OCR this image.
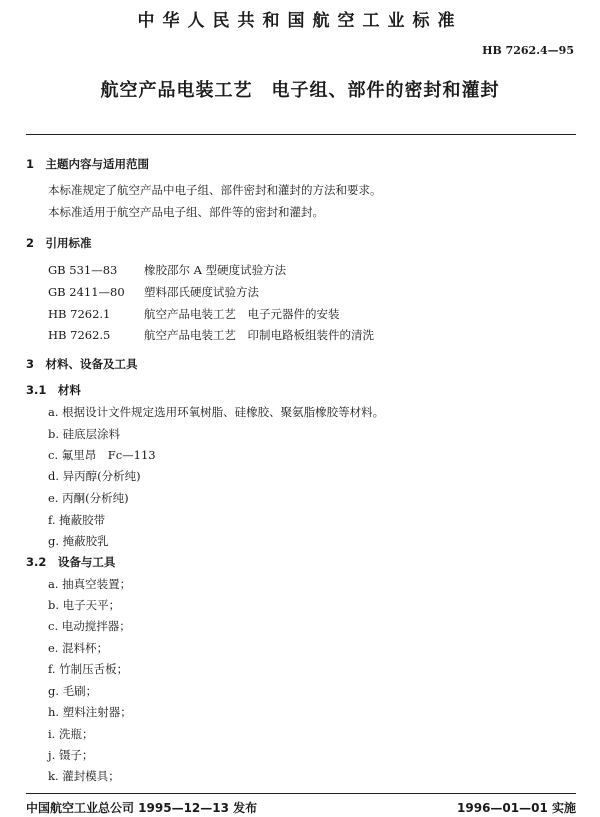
中华人民共和国航空工业标准
HB 7262.4—95
航空产品电装工艺　电子组、部件的密封和灌封
1　主题内容与适用范围
本标准规定了航空产品中电子组、部件密封和灌封的方法和要求。
本标准适用于航空产品电子组、部件等的密封和灌封。
2　引用标准
GB 531—83 橡胶邵尔 A 型硬度试验方法
GB 2411—80 塑料邵氏硬度试验方法
HB 7262.1	航空产品电装工艺　电子元器件的安装
HB 7262.5	航空产品电装工艺　印制电路板组装件的清洗
3　材料、设备及工具
3.1　材料
a. 根据设计文件规定选用环氧树脂、硅橡胶、聚氨脂橡胶等材料。
b. 硅底层涂料
c. 氟里昂　Fc—113
d. 异丙醇(分析纯)
e. 丙酮(分析纯)
f. 掩蔽胶带
g. 掩蔽胶乳
3.2　设备与工具
a. 抽真空装置；
b. 电子天平；
c. 电动搅拌器；
e. 混料杯；
f. 竹制压舌板；
g. 毛刷；
h. 塑料注射器；
i. 洗瓶；
j. 镊子；
k. 灌封模具；
中国航空工业总公司 1995—12—13 发布	1996—01—01 实施
